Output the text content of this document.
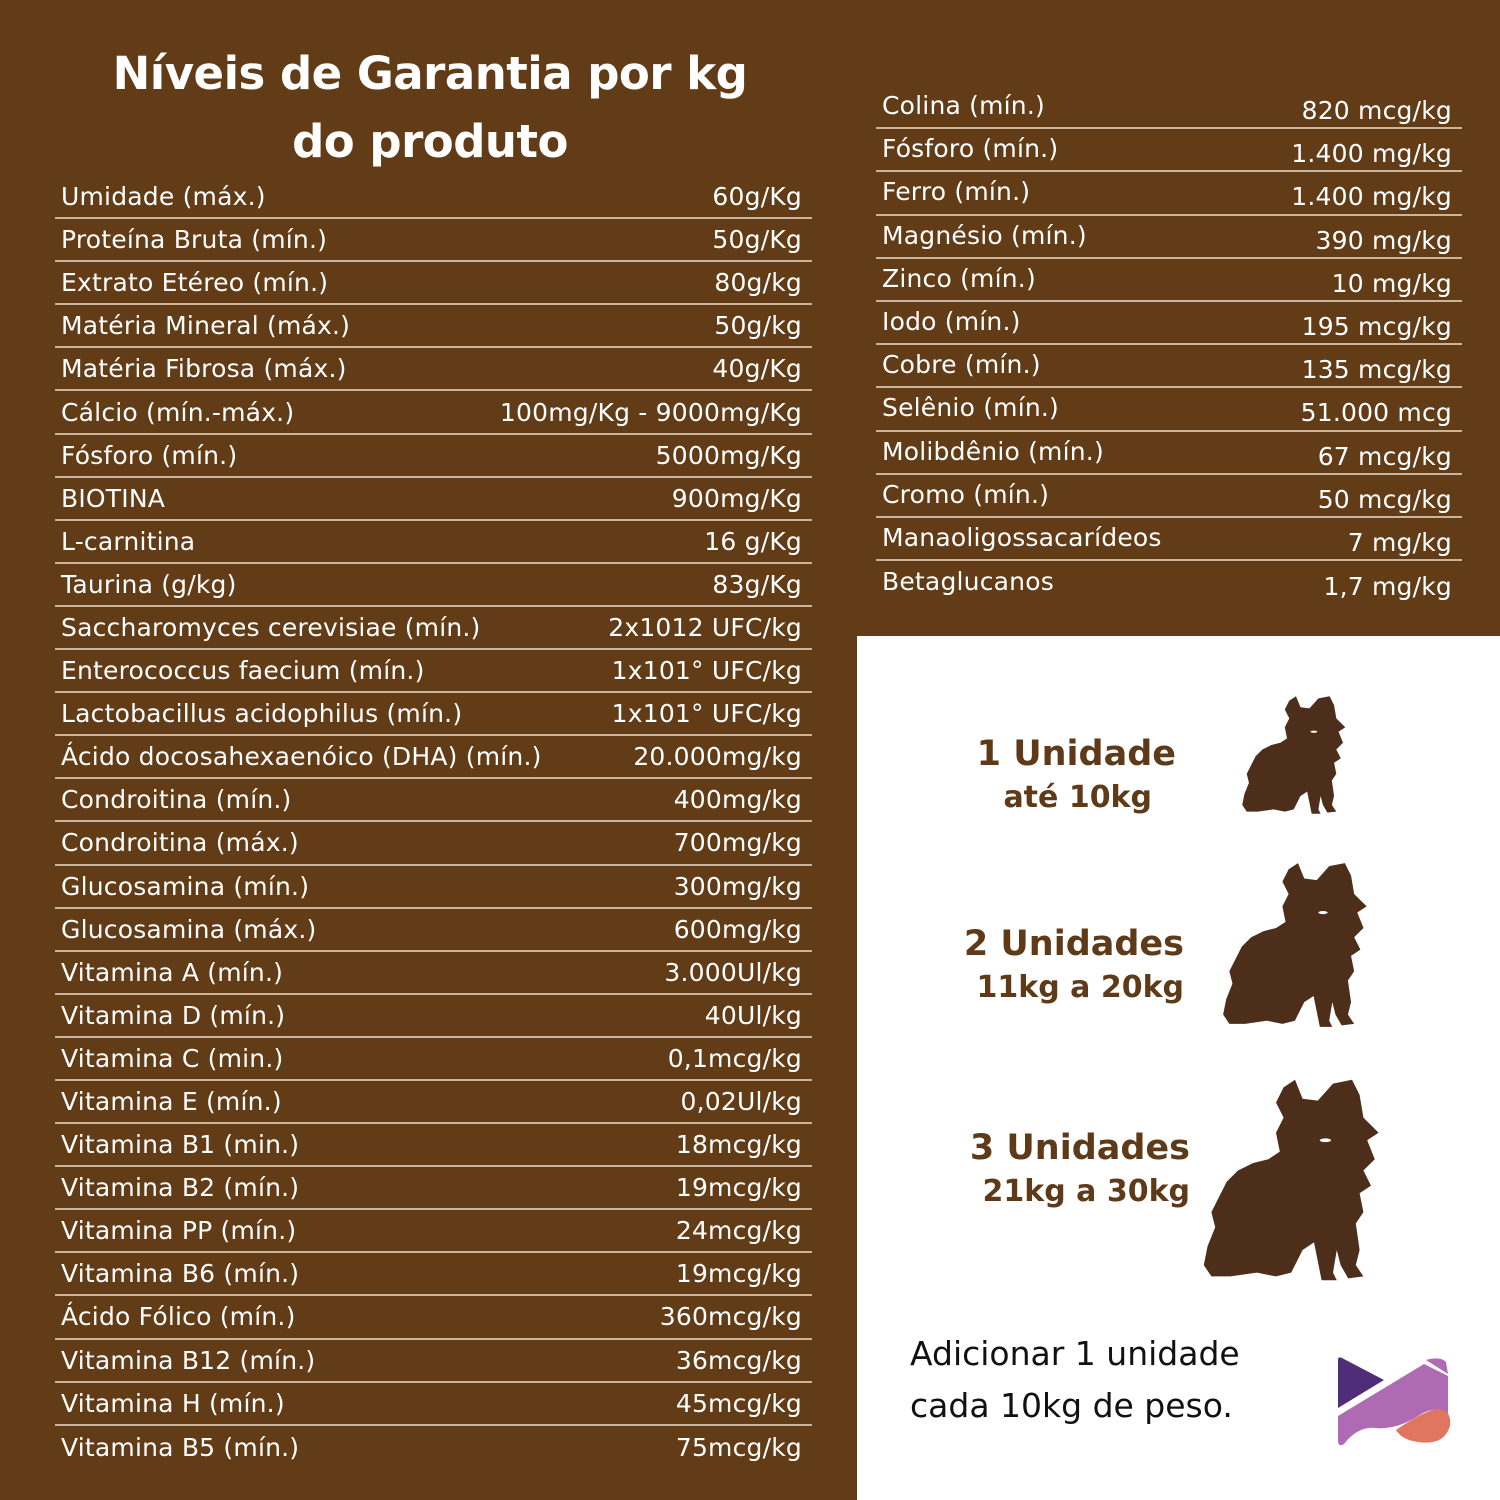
Níveis de Garantia por kg
do produto
Umidade (máx.)	60g/Kg
Proteína Bruta (mín.)	50g/Kg
Extrato Etéreo (mín.)	80g/kg
Matéria Mineral (máx.)	50g/kg
Matéria Fibrosa (máx.)	40g/Kg
Cálcio (mín.-máx.)	100mg/Kg - 9000mg/Kg
Fósforo (mín.)	5000mg/Kg
BIOTINA	900mg/Kg
L-carnitina	16 g/Kg
Taurina (g/kg)	83g/Kg
Saccharomyces cerevisiae (mín.)	2x1012 UFC/kg
Enterococcus faecium (mín.)	1x101° UFC/kg
Lactobacillus acidophilus (mín.)	1x101° UFC/kg
Ácido docosahexaenóico (DHA) (mín.)	20.000mg/kg
Condroitina (mín.)	400mg/kg
Condroitina (máx.)	700mg/kg
Glucosamina (mín.)	300mg/kg
Glucosamina (máx.)	600mg/kg
Vitamina A (mín.)	3.000Ul/kg
Vitamina D (mín.)	40Ul/kg
Vitamina C (min.)	0,1mcg/kg
Vitamina E (mín.)	0,02Ul/kg
Vitamina B1 (min.)	18mcg/kg
Vitamina B2 (mín.)	19mcg/kg
Vitamina PP (mín.)	24mcg/kg
Vitamina B6 (mín.)	19mcg/kg
Ácido Fólico (mín.)	360mcg/kg
Vitamina B12 (mín.)	36mcg/kg
Vitamina H (mín.)	45mcg/kg
Vitamina B5 (mín.)	75mcg/kg
Colina (mín.)	820 mcg/kg
Fósforo (mín.)	1.400 mg/kg
Ferro (mín.)	1.400 mg/kg
Magnésio (mín.)	390 mg/kg
Zinco (mín.)	10 mg/kg
Iodo (mín.)	195 mcg/kg
Cobre (mín.)	135 mcg/kg
Selênio (mín.)	51.000 mcg
Molibdênio (mín.)	67 mcg/kg
Cromo (mín.)	50 mcg/kg
Manaoligossacarídeos	7 mg/kg
Betaglucanos	1,7 mg/kg
1 Unidade
até 10kg
2 Unidades
11kg a 20kg
3 Unidades
21kg a 30kg
Adicionar 1 unidade
cada 10kg de peso.
